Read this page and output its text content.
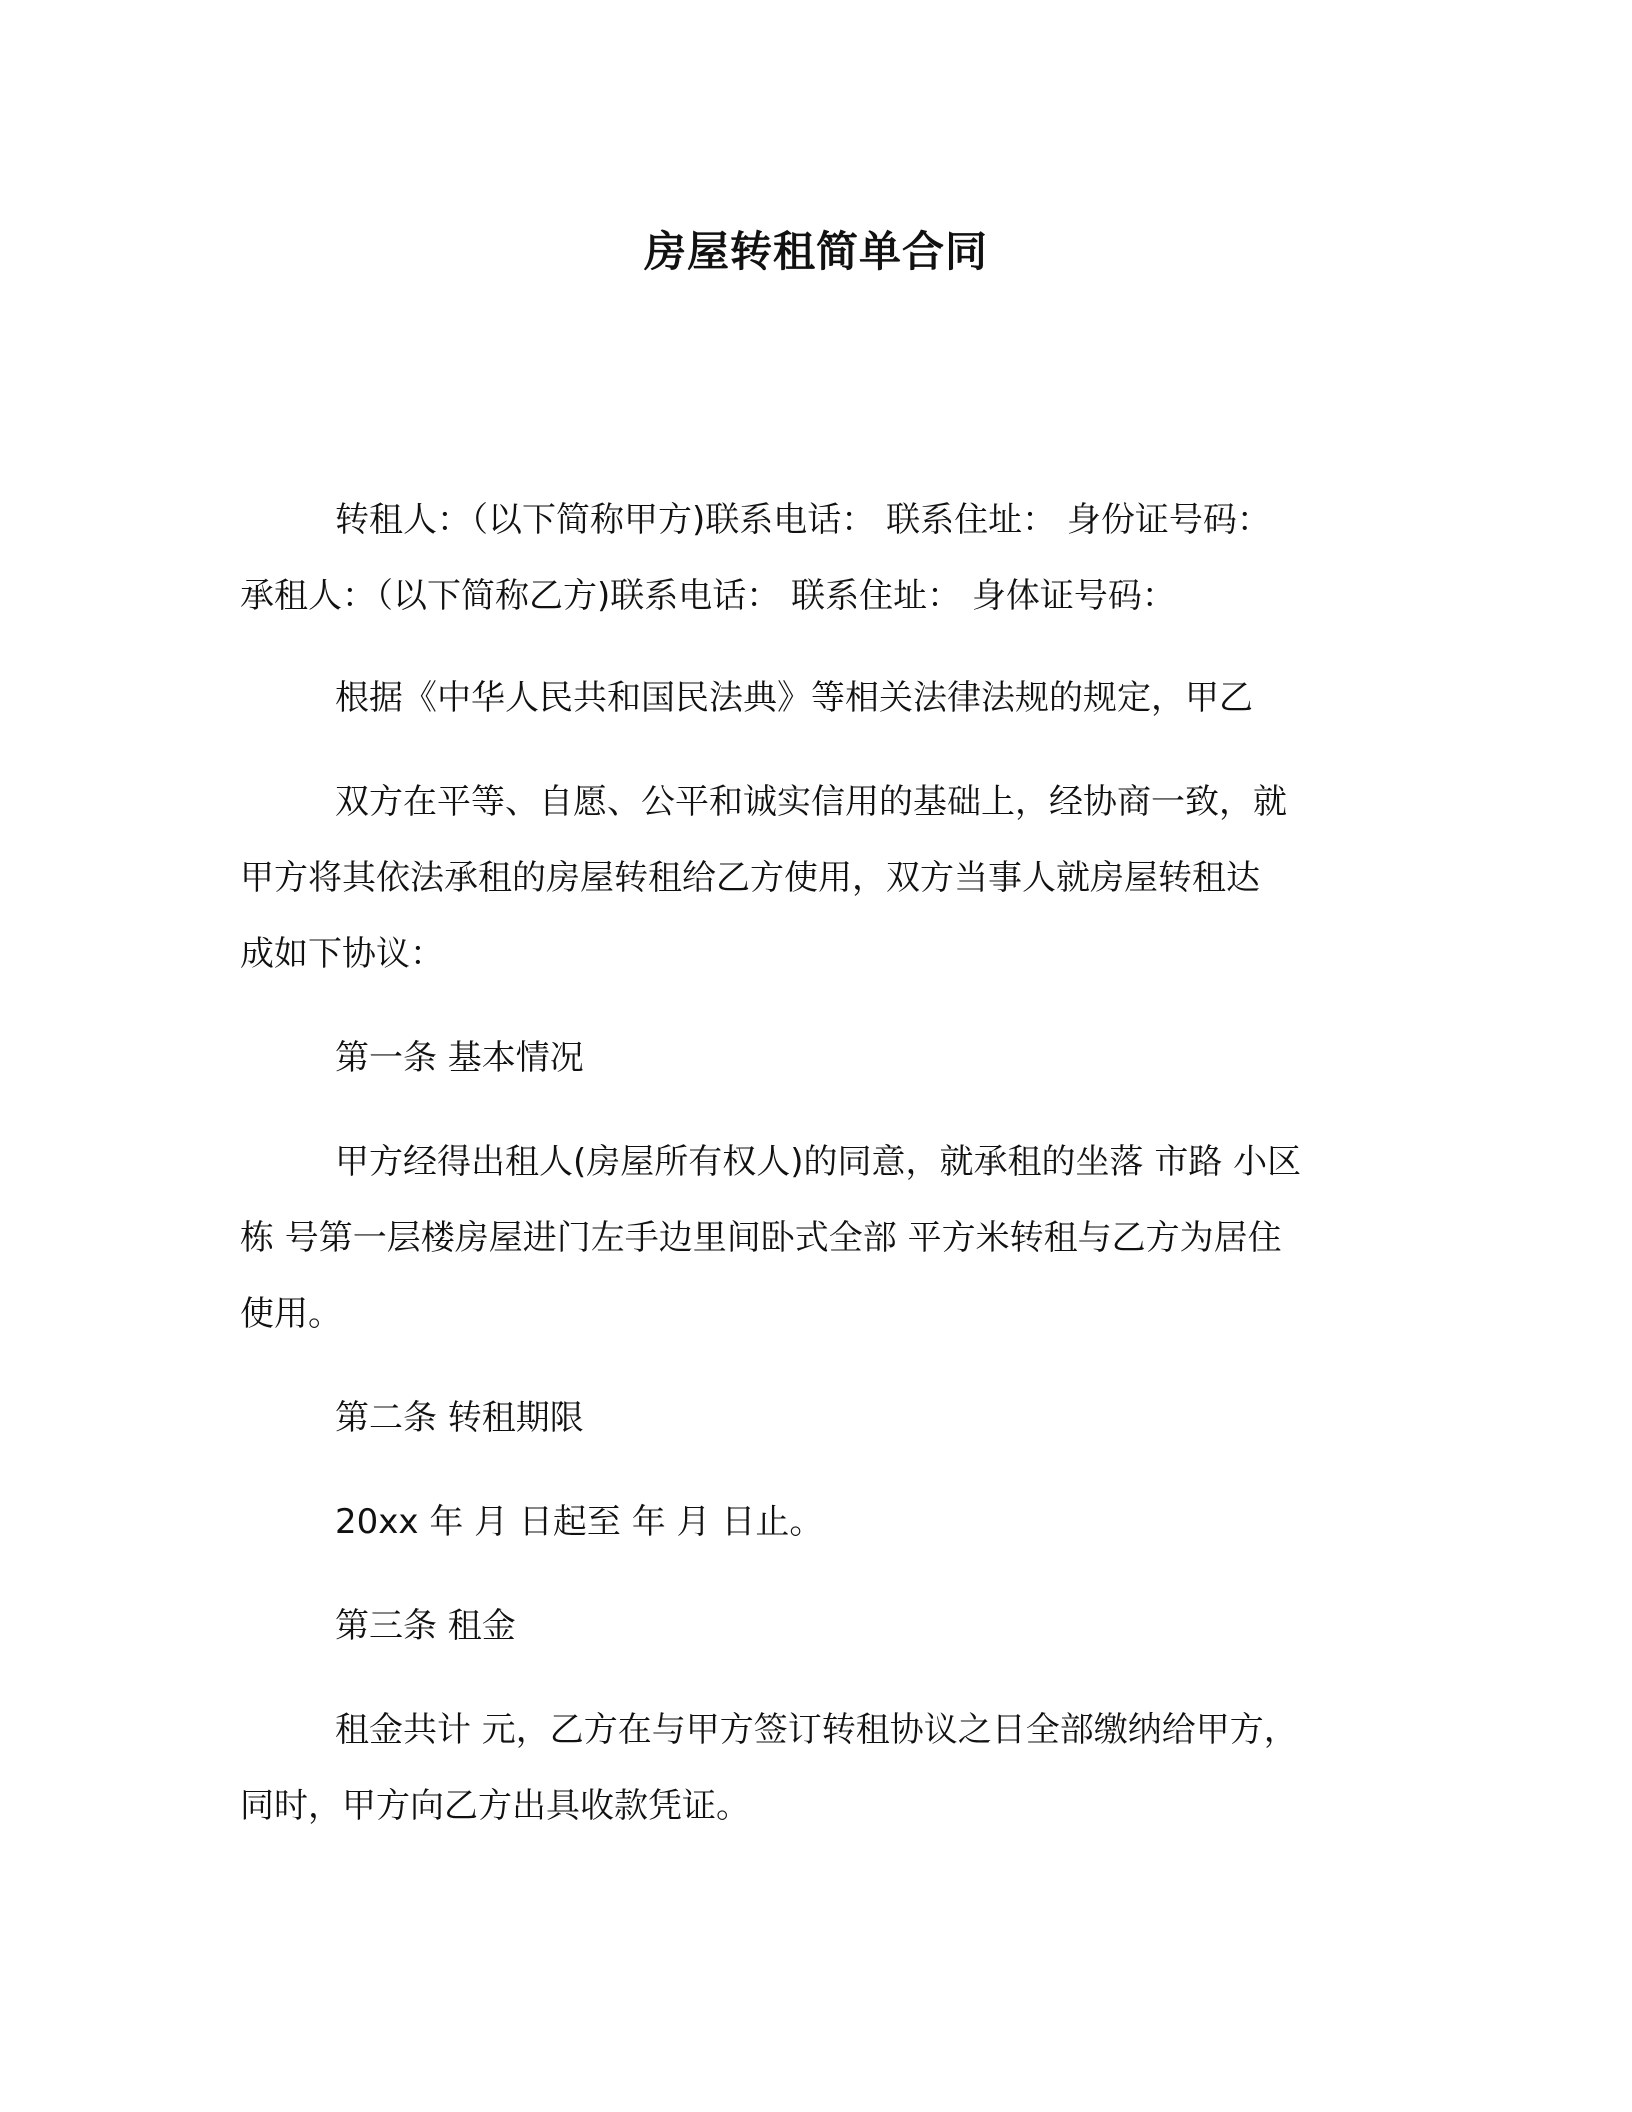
房屋转租简单合同
转租人：（以下简称甲方)联系电话： 联系住址： 身份证号码：
承租人：（以下简称乙方)联系电话： 联系住址： 身体证号码：
根据《中华人民共和国民法典》等相关法律法规的规定，甲乙
双方在平等、自愿、公平和诚实信用的基础上，经协商一致，就
甲方将其依法承租的房屋转租给乙方使用，双方当事人就房屋转租达
成如下协议：
第一条 基本情况
甲方经得出租人(房屋所有权人)的同意，就承租的坐落 市路 小区
栋 号第一层楼房屋进门左手边里间卧式全部 平方米转租与乙方为居住
使用。
第二条 转租期限
20xx 年 月 日起至 年 月 日止。
第三条 租金
租金共计 元，乙方在与甲方签订转租协议之日全部缴纳给甲方，
同时，甲方向乙方出具收款凭证。
